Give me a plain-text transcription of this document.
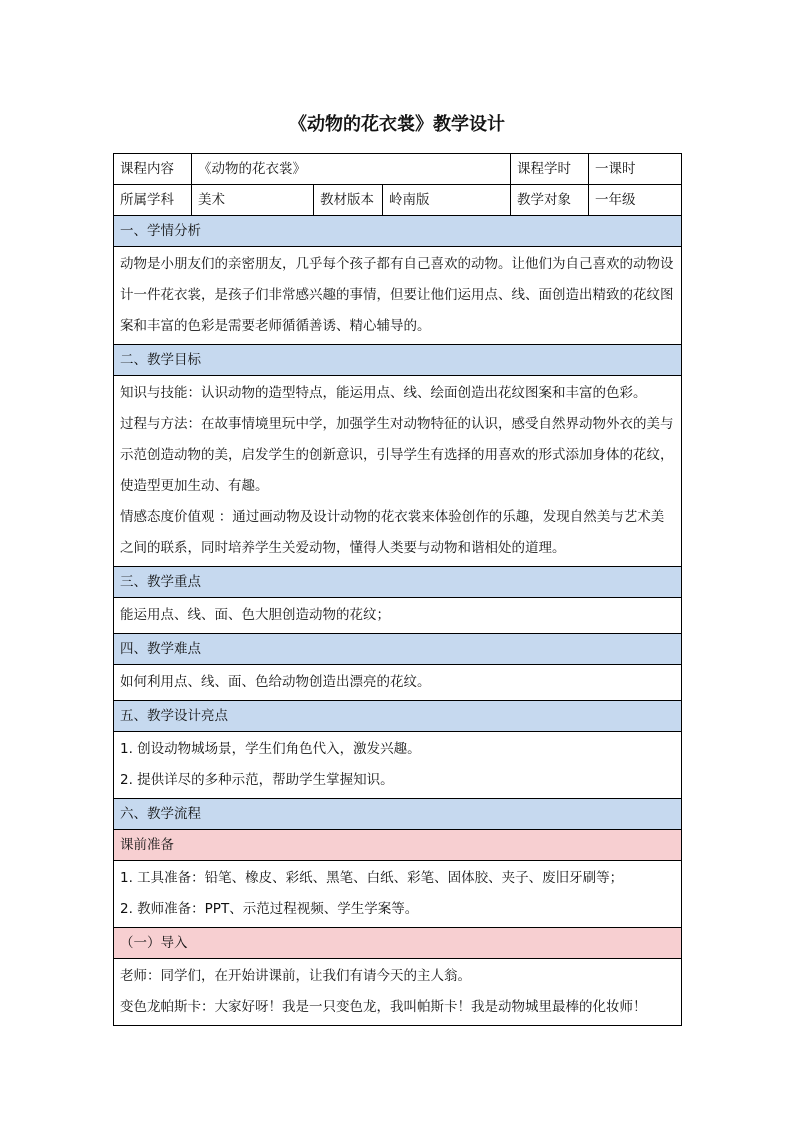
《动物的花衣裳》教学设计
课程内容	《动物的花衣裳》			课程学时	一课时
所属学科	美术	教材版本	岭南版	教学对象	一年级
一、学情分析					

动物是小朋友们的亲密朋友，几乎每个孩子都有自己喜欢的动物。让他们为自己喜欢的动物设计一件花衣裳，是孩子们非常感兴趣的事情，但要让他们运用点、线、面创造出精致的花纹图案和丰富的色彩是需要老师循循善诱、精心辅导的。					

二、教学目标					

知识与技能：认识动物的造型特点，能运用点、线、绘面创造出花纹图案和丰富的色彩。

过程与方法：在故事情境里玩中学，加强学生对动物特征的认识，感受自然界动物外衣的美与示范创造动物的美，启发学生的创新意识，引导学生有选择的用喜欢的形式添加身体的花纹，使造型更加生动、有趣。

情感态度价值观 ：通过画动物及设计动物的花衣裳来体验创作的乐趣，发现自然美与艺术美之间的联系，同时培养学生关爱动物，懂得人类要与动物和谐相处的道理。					

三、教学重点					

能运用点、线、面、色大胆创造动物的花纹；					

四、教学难点					

如何利用点、线、面、色给动物创造出漂亮的花纹。					

五、教学设计亮点					

1. 创设动物城场景，学生们角色代入，激发兴趣。

2. 提供详尽的多种示范，帮助学生掌握知识。					

六、教学流程					
课前准备					

1. 工具准备：铅笔、橡皮、彩纸、黑笔、白纸、彩笔、固体胶、夹子、废旧牙刷等；

2. 教师准备：PPT、示范过程视频、学生学案等。					

（一）导入					

老师：同学们，在开始讲课前，让我们有请今天的主人翁。

变色龙帕斯卡：大家好呀！我是一只变色龙，我叫帕斯卡！我是动物城里最棒的化妆师！					
